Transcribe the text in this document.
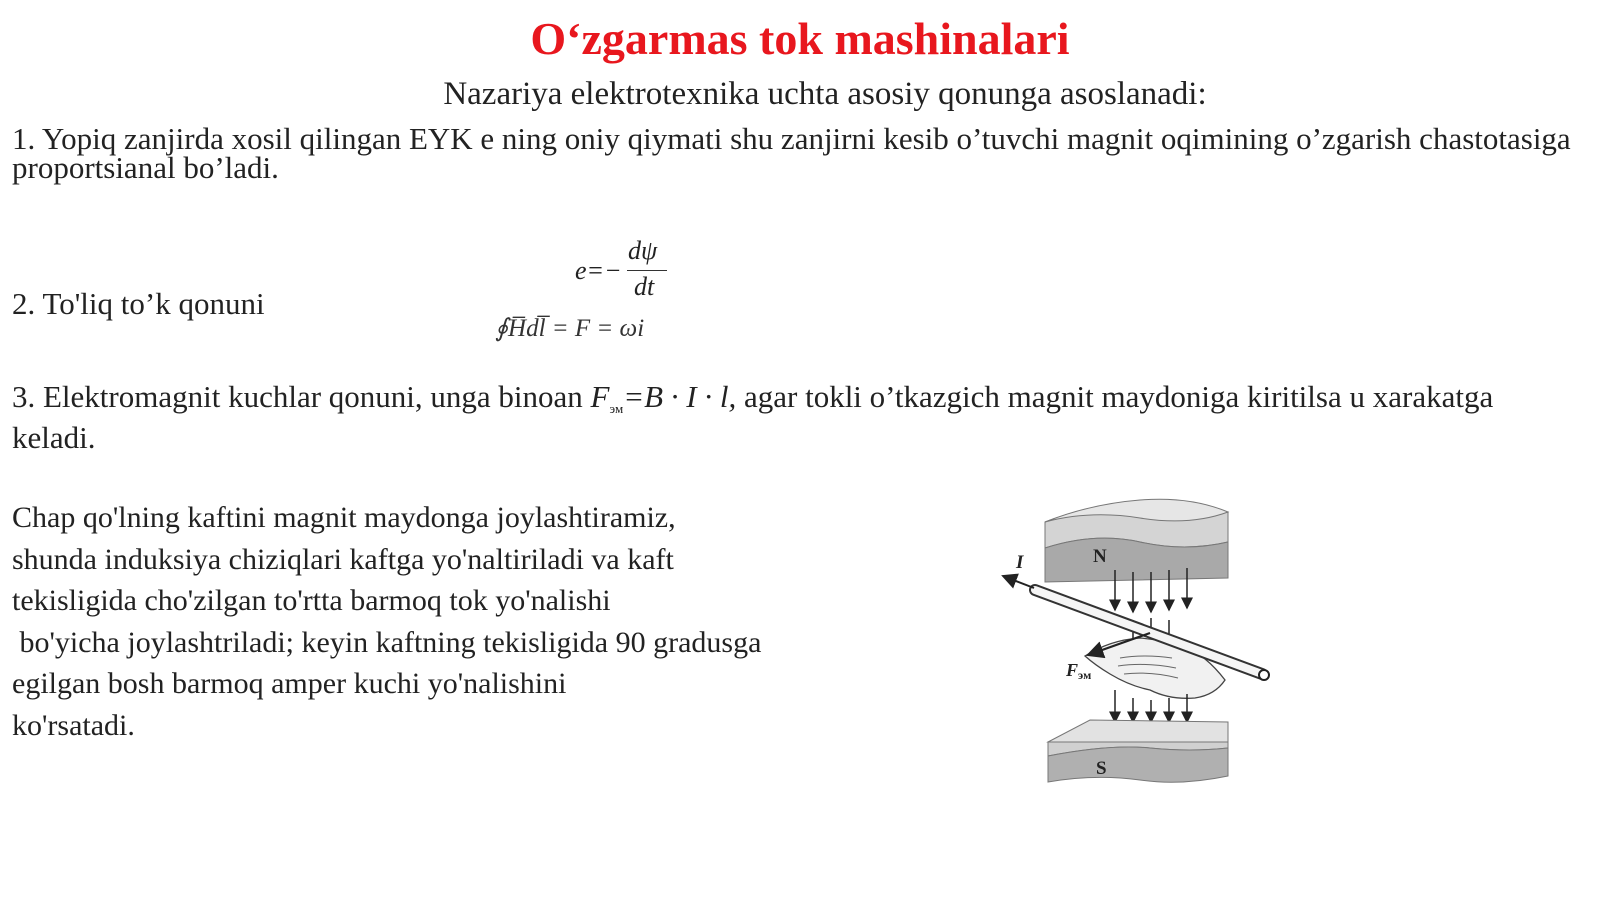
O‘zgarmas tok mashinalari
Nazariya elektrotexnika uchta asosiy qonunga asoslanadi:
1. Yopiq zanjirda xosil qilingan EYK e ning oniy qiymati shu zanjirni kesib o’tuvchi magnit oqimining o’zgarish chastotasiga proportsianal bo’ladi.
e=−
dψ
dt
2. To'liq to’k qonuni
∮H̅dl̅ = F = ωi
3. Elektromagnit kuchlar qonuni, unga binoan $F_{эм}=B \cdot I \cdot l$, agar tokli o’tkazgich magnit maydoniga kiritilsa u xarakatga keladi.
Chap qo'lning kaftini magnit maydonga joylashtiramiz,
shunda induksiya chiziqlari kaftga yo'naltiriladi va kaft
tekisligida cho'zilgan to'rtta barmoq tok yo'nalishi
bo'yicha joylashtriladi; keyin kaftning tekisligida 90 gradusga
egilgan bosh barmoq amper kuchi yo'nalishini
ko'rsatadi.
N
I
Fэм
S
